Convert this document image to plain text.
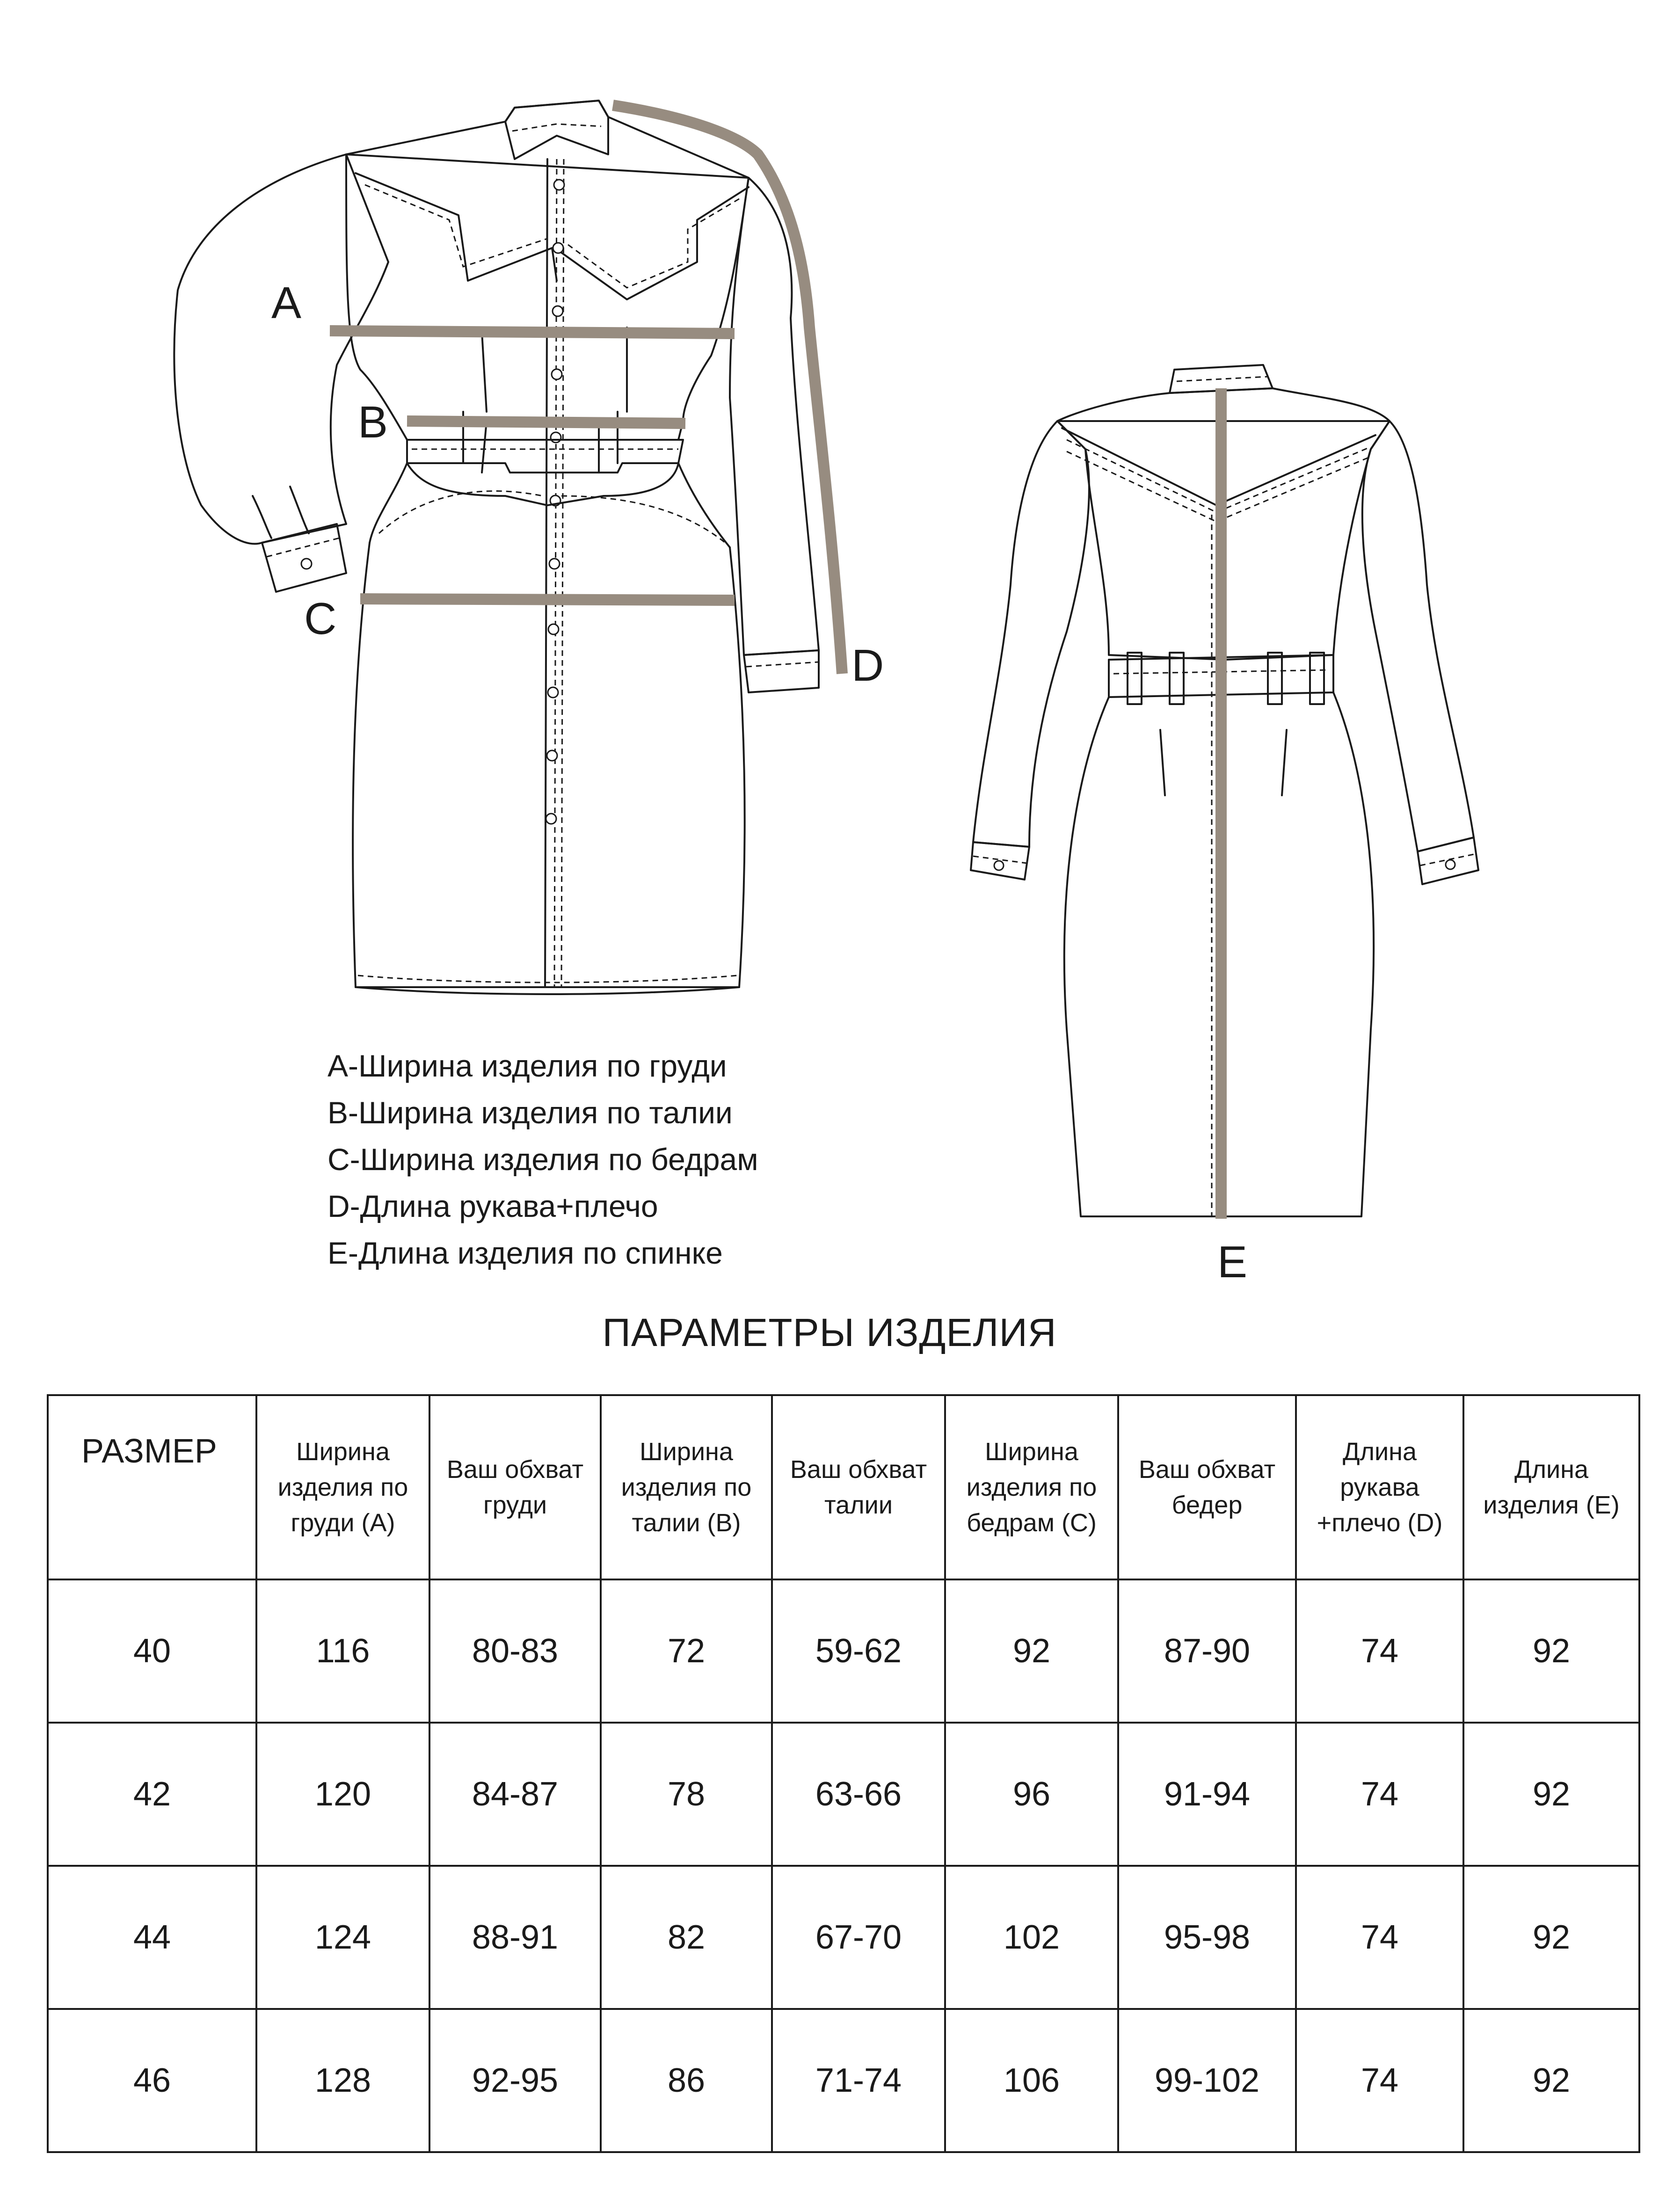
A
B
C
D
E
А-Ширина изделия по груди
В-Ширина изделия по талии
С-Ширина изделия по бедрам
D-Длина рукава+плечо
Е-Длина изделия по спинке
ПАРАМЕТРЫ ИЗДЕЛИЯ
РАЗМЕР	Ширина изделия по груди (А)	Ваш обхват груди	Ширина изделия по талии (В)	Ваш обхват талии	Ширина изделия по бедрам (С)	Ваш обхват бедер	Длина рукава +плечо (D)	Длина изделия (Е)
40	116	80-83	72	59-62	92	87-90	74	92
42	120	84-87	78	63-66	96	91-94	74	92
44	124	88-91	82	67-70	102	95-98	74	92
46	128	92-95	86	71-74	106	99-102	74	92
